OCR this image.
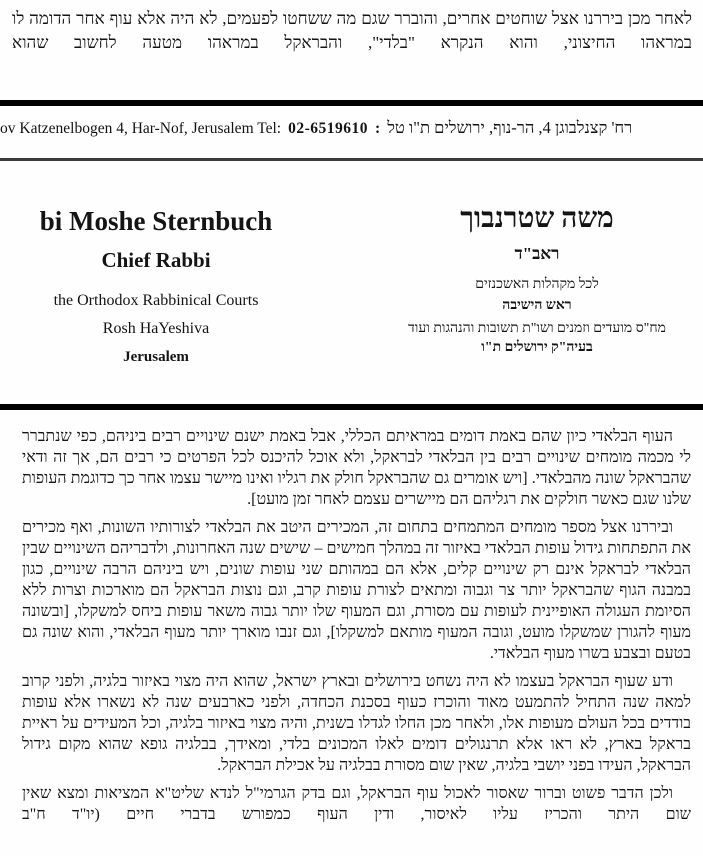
לאחר מכן ביררנו אצל שוחטים אחרים, והוברר שגם מה ששחטו לפעמים, לא היה אלא עוף אחר הדומה לו במראהו החיצוני, והוא הנקרא "בלדי", והבראקל במראהו מטעה לחשוב שהוא
ov Katzenelbogen 4, Har-Nof, Jerusalem Tel: 02-6519610 : רח' קצנלבוגן 4, הר-נוף, ירושלים ת"ו טל
bi Moshe Sternbuch
Chief Rabbi
the Orthodox Rabbinical Courts
Rosh HaYeshiva
Jerusalem
משה שטרנבוך
ראב"ד
לכל מקהלות האשכנזים
ראש הישיבה
מח"ס מועדים וזמנים ושו"ת תשובות והנהגות ועוד
בעיה"ק ירושלים ת"ו

העוף הבלאדי כיון שהם באמת דומים במראיתם הכללי, אבל באמת ישנם שינויים רבים ביניהם, כפי שנתברר לי מכמה מומחים שינויים רבים בין הבלאדי לבראקל, ולא אוכל להיכנס לכל הפרטים כי רבים הם, אך זה ודאי שהבראקל שונה מהבלאדי. [ויש אומרים גם שהבראקל חולק את רגליו ואינו מיישר עצמו אחר כך כדוגמת העופות שלנו שגם כאשר חולקים את רגליהם הם מיישרים עצמם לאחר זמן מועט].

וביררנו אצל מספר מומחים המתמחים בתחום זה, המכירים היטב את הבלאדי לצורותיו השונות, ואף מכירים את התפתחות גידול עופות הבלאדי באיזור זה במהלך חמישים – שישים שנה האחרונות, ולדבריהם השינויים שבין הבלאדי לבראקל אינם רק שינויים קלים, אלא הם במהותם שני עופות שונים, ויש ביניהם הרבה שינויים, כגון במבנה הגוף שהבראקל יותר צר וגבוה ומתאים לצורת עופות קרב, וגם נוצות הבראקל הם מוארכות וצרות ללא הסיומת העגולה האופיינית לעופות עם מסורת, וגם המעוף שלו יותר גבוה משאר עופות ביחס למשקלו, [ובשונה מעוף להגורן שמשקלו מועט, וגובה המעוף מותאם למשקלו], וגם זנבו מוארך יותר מעוף הבלאדי, והוא שונה גם בטעם ובצבע בשרו מעוף הבלאדי.

ודע שעוף הבראקל בעצמו לא היה נשחט בירושלים ובארץ ישראל, שהוא היה מצוי באיזור בלגיה, ולפני קרוב למאה שנה התחיל להתמעט מאוד והוכרז כעוף בסכנת הכחדה, ולפני כארבעים שנה לא נשארו אלא עופות בודדים בכל העולם מעופות אלו, ולאחר מכן החלו לגדלו בשנית, והיה מצוי באיזור בלגיה, וכל המעידים על ראיית בראקל בארץ, לא ראו אלא תרנגולים דומים לאלו המכונים בלדי, ומאידך, בבלגיה גופא שהוא מקום גידול הבראקל, העידו בפני יושבי בלגיה, שאין שום מסורת בבלגיה על אכילת הבראקל.

ולכן הדבר פשוט וברור שאסור לאכול עוף הבראקל, וגם בדק הגרמי"ל לנדא שליט"א המציאות ומצא שאין שום היתר והכריז עליו לאיסור, ודין העוף כמפורש בדברי חיים (יו"ד ח"ב
